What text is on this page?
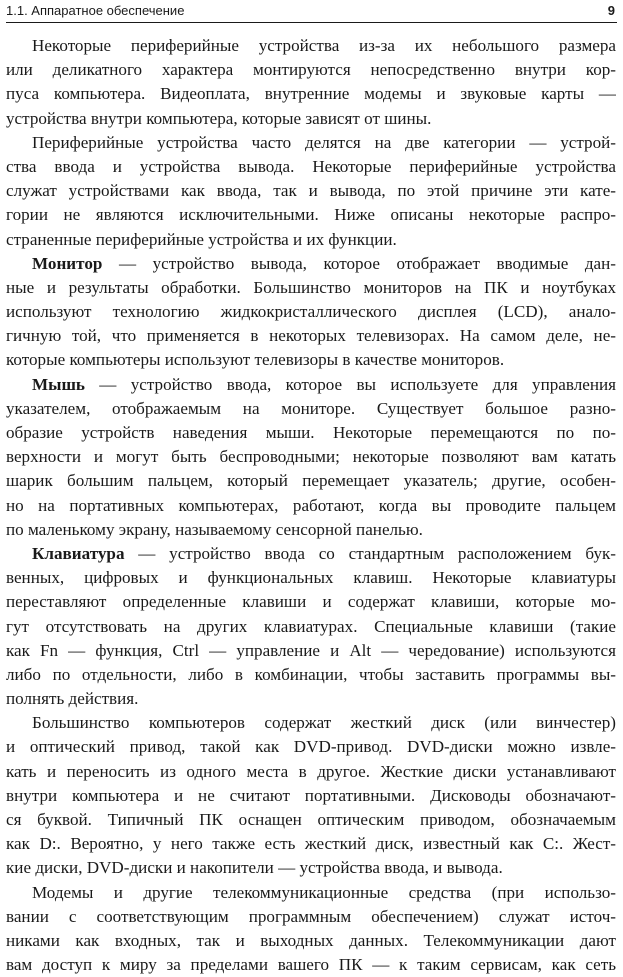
1.1. Аппаратное обеспечение	9
Некоторые периферийные устройства из-за их небольшого размера
или деликатного характера монтируются непосредственно внутри кор-
пуса компьютера. Видеоплата, внутренние модемы и звуковые карты —
устройства внутри компьютера, которые зависят от шины.
Периферийные устройства часто делятся на две категории — устрой-
ства ввода и устройства вывода. Некоторые периферийные устройства
служат устройствами как ввода, так и вывода, по этой причине эти кате-
гории не являются исключительными. Ниже описаны некоторые распро-
страненные периферийные устройства и их функции.
Монитор — устройство вывода, которое отображает вводимые дан-
ные и результаты обработки. Большинство мониторов на ПК и ноутбуках
используют технологию жидкокристаллического дисплея (LCD), анало-
гичную той, что применяется в некоторых телевизорах. На самом деле, не-
которые компьютеры используют телевизоры в качестве мониторов.
Мышь — устройство ввода, которое вы используете для управления
указателем, отображаемым на мониторе. Существует большое разно-
образие устройств наведения мыши. Некоторые перемещаются по по-
верхности и могут быть беспроводными; некоторые позволяют вам катать
шарик большим пальцем, который перемещает указатель; другие, особен-
но на портативных компьютерах, работают, когда вы проводите пальцем
по маленькому экрану, называемому сенсорной панелью.
Клавиатура — устройство ввода со стандартным расположением бук-
венных, цифровых и функциональных клавиш. Некоторые клавиатуры
переставляют определенные клавиши и содержат клавиши, которые мо-
гут отсутствовать на других клавиатурах. Специальные клавиши (такие
как Fn — функция, Ctrl — управление и Alt — чередование) используются
либо по отдельности, либо в комбинации, чтобы заставить программы вы-
полнять действия.
Большинство компьютеров содержат жесткий диск (или винчестер)
и оптический привод, такой как DVD-привод. DVD-диски можно извле-
кать и переносить из одного места в другое. Жесткие диски устанавливают
внутри компьютера и не считают портативными. Дисководы обозначают-
ся буквой. Типичный ПК оснащен оптическим приводом, обозначаемым
как D:. Вероятно, у него также есть жесткий диск, известный как C:. Жест-
кие диски, DVD-диски и накопители — устройства ввода, и вывода.
Модемы и другие телекоммуникационные средства (при использо-
вании с соответствующим программным обеспечением) служат источ-
никами как входных, так и выходных данных. Телекоммуникации дают
вам доступ к миру за пределами вашего ПК — к таким сервисам, как сеть
